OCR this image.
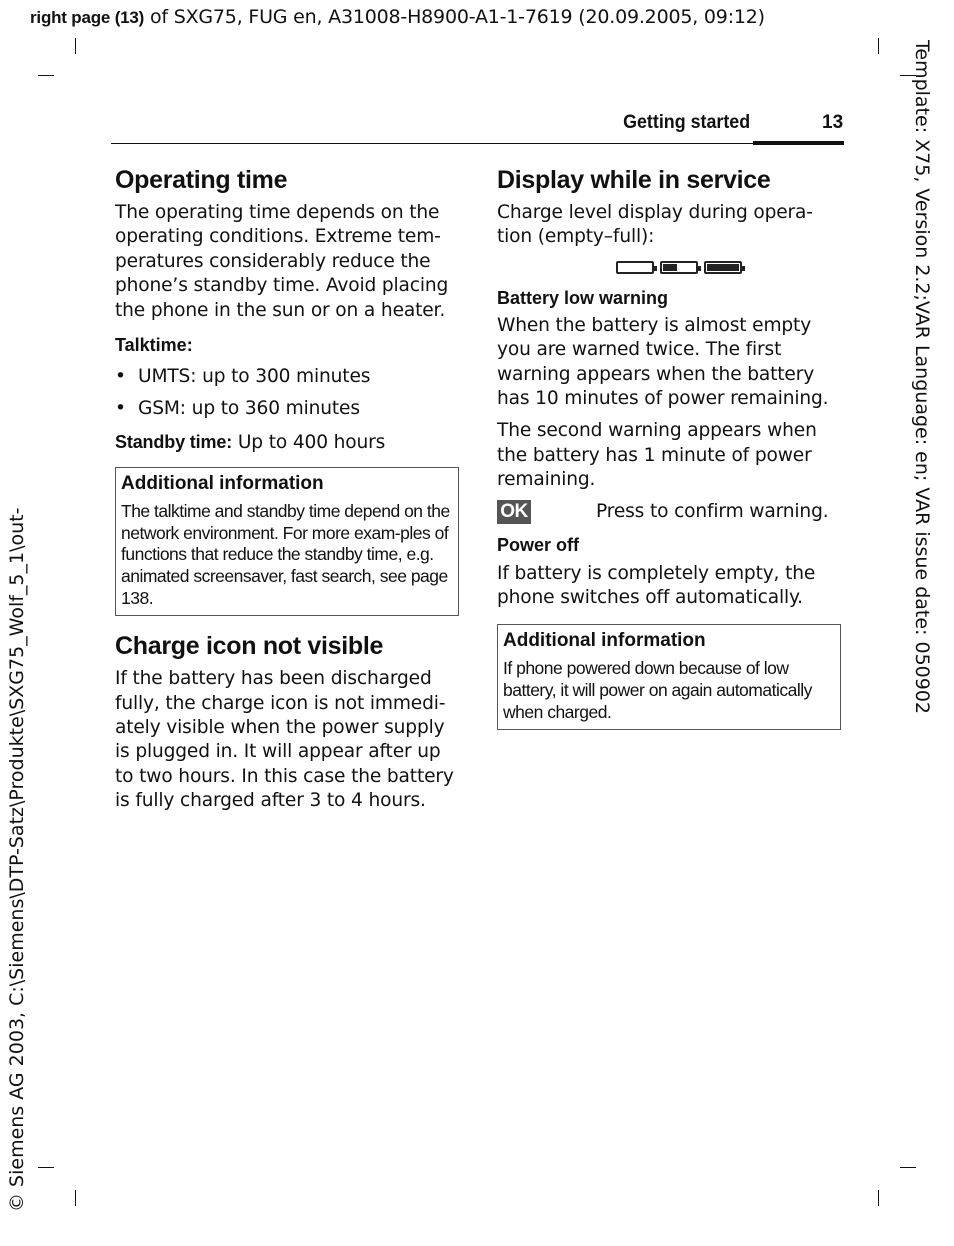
right page (13) of SXG75, FUG en, A31008-H8900-A1-1-7619 (20.09.2005, 09:12)
Template: X75, Version 2.2;VAR Language: en; VAR issue date: 050902
© Siemens AG 2003, C:\Siemens\DTP-Satz\Produkte\SXG75_Wolf_5_1\out-
Getting started	13
Operating time

The operating time depends on the operating conditions. Extreme tem-peratures considerably reduce the phone’s standby time. Avoid placing the phone in the sun or on a heater.

Talktime:
• UMTS: up to 300 minutes
• GSM: up to 360 minutes

Standby time: Up to 400 hours

Additional information
The talktime and standby time depend on the network environment. For more exam-ples of functions that reduce the standby time, e.g. animated screensaver, fast search, see page 138.
Charge icon not visible

If the battery has been discharged fully, the charge icon is not immedi-ately visible when the power supply is plugged in. It will appear after up to two hours. In this case the battery is fully charged after 3 to 4 hours.

Display while in service

Charge level display during opera-tion (empty–full):

Battery low warning

When the battery is almost empty you are warned twice. The first warning appears when the battery has 10 minutes of power remaining.

The second warning appears when the battery has 1 minute of power remaining.

OK	Press to confirm warning.
Power off

If battery is completely empty, the phone switches off automatically.

Additional information
If phone powered down because of low battery, it will power on again automatically when charged.
